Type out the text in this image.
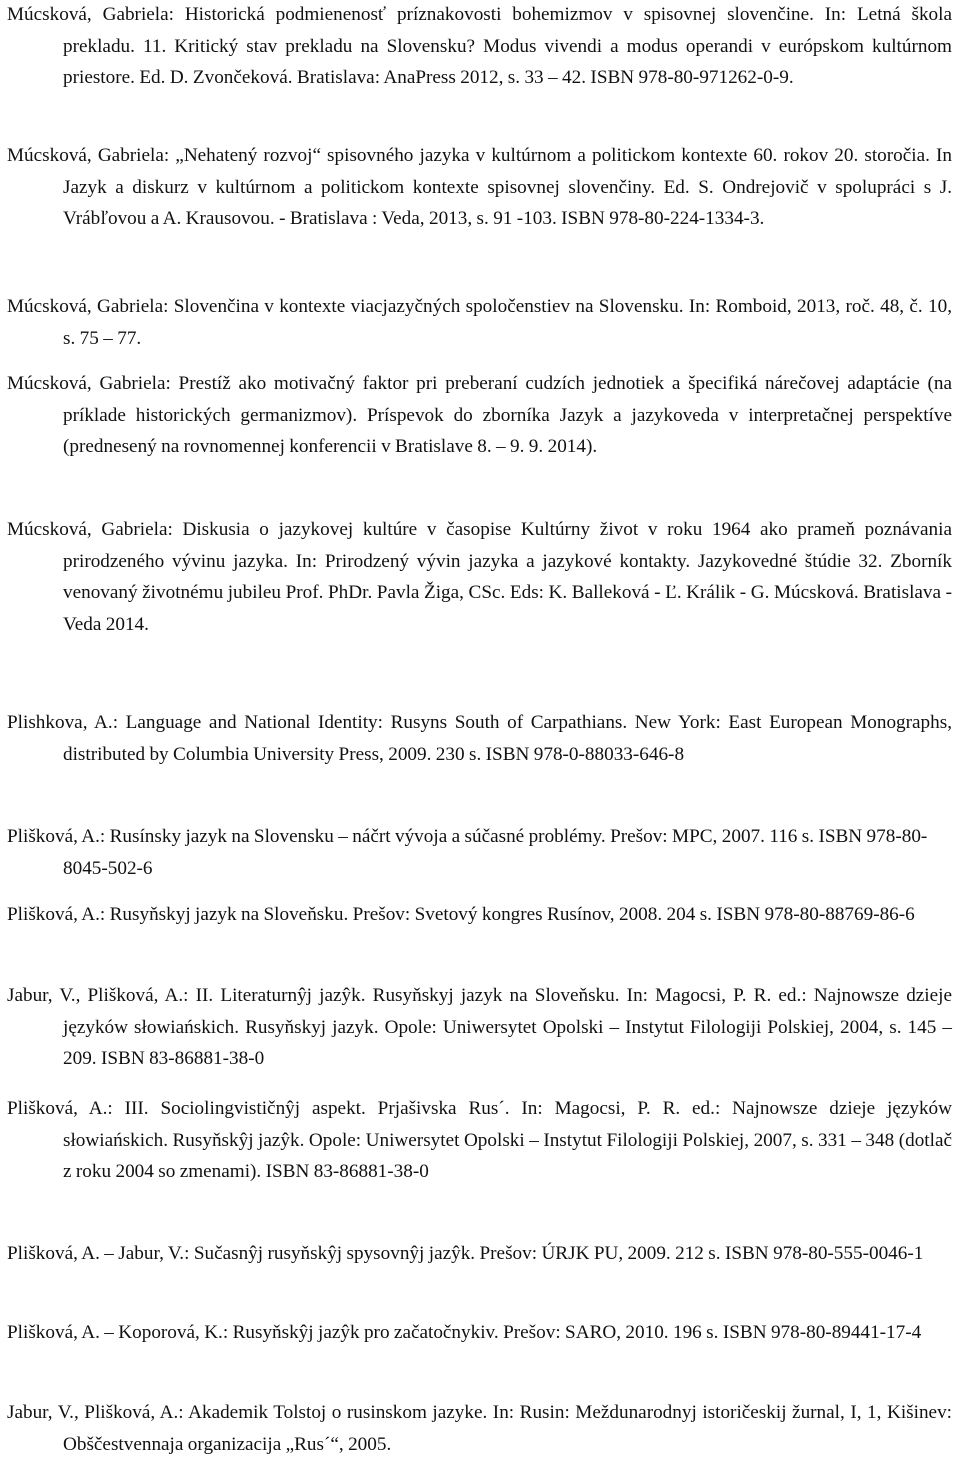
Múcsková, Gabriela: Historická podmienenosť príznakovosti bohemizmov v spisovnej slovenčine. In: Letná škola prekladu. 11. Kritický stav prekladu na Slovensku? Modus vivendi a modus operandi v európskom kultúrnom priestore. Ed. D. Zvončeková. Bratislava: AnaPress 2012, s. 33 – 42. ISBN 978-80-971262-0-9.

Múcsková, Gabriela: „Nehatený rozvoj“ spisovného jazyka v kultúrnom a politickom kontexte 60. rokov 20. storočia. In Jazyk a diskurz v kultúrnom a politickom kontexte spisovnej slovenčiny. Ed. S. Ondrejovič v spolupráci s J. Vrábľovou a A. Krausovou. - Bratislava : Veda, 2013, s. 91 -103. ISBN 978-80-224-1334-3.

Múcsková, Gabriela: Slovenčina v kontexte viacjazyčných spoločenstiev na Slovensku. In: Romboid, 2013, roč. 48, č. 10, s. 75 – 77.

Múcsková, Gabriela: Prestíž ako motivačný faktor pri preberaní cudzích jednotiek a špecifiká nárečovej adaptácie (na príklade historických germanizmov). Príspevok do zborníka Jazyk a jazykoveda v interpretačnej perspektíve (prednesený na rovnomennej konferencii v Bratislave 8. – 9. 9. 2014).

Múcsková, Gabriela: Diskusia o jazykovej kultúre v časopise Kultúrny život v roku 1964 ako prameň poznávania prirodzeného vývinu jazyka. In: Prirodzený vývin jazyka a jazykové kontakty. Jazykovedné štúdie 32. Zborník venovaný životnému jubileu Prof. PhDr. Pavla Žiga, CSc. Eds: K. Balleková - Ľ. Králik - G. Múcsková. Bratislava - Veda 2014.

Plishkova, A.: Language and National Identity: Rusyns South of Carpathians. New York: East European Monographs, distributed by Columbia University Press, 2009. 230 s. ISBN 978-0-88033-646-8

Plišková, A.: Rusínsky jazyk na Slovensku – náčrt vývoja a súčasné problémy. Prešov: MPC, 2007. 116 s. ISBN 978-80-8045-502-6

Plišková, A.: Rusyňskyj jazyk na Sloveňsku. Prešov: Svetový kongres Rusínov, 2008. 204 s. ISBN 978-80-88769-86-6

Jabur, V., Plišková, A.: II. Literaturnŷj jazŷk. Rusyňskyj jazyk na Sloveňsku. In: Magocsi, P. R. ed.: Najnowsze dzieje języków słowiańskich. Rusyňskyj jazyk. Opole: Uniwersytet Opolski – Instytut Filologiji Polskiej, 2004, s. 145 – 209. ISBN 83-86881-38-0

Plišková, A.: III. Sociolingvističnŷj aspekt. Prjašivska Rus´. In: Magocsi, P. R. ed.: Najnowsze dzieje języków słowiańskich. Rusyňskŷj jazŷk. Opole: Uniwersytet Opolski – Instytut Filologiji Polskiej, 2007, s. 331 – 348 (dotlač z roku 2004 so zmenami). ISBN 83-86881-38-0

Plišková, A. – Jabur, V.: Sučasnŷj rusyňskŷj spysovnŷj jazŷk. Prešov: ÚRJK PU, 2009. 212 s. ISBN 978-80-555-0046-1

Plišková, A. – Koporová, K.: Rusyňskŷj jazŷk pro začatočnykiv. Prešov: SARO, 2010. 196 s. ISBN 978-80-89441-17-4

Jabur, V., Plišková, A.: Akademik Tolstoj o rusinskom jazyke. In: Rusin: Meždunarodnyj istoričeskij žurnal, I, 1, Kišinev: Obščestvennaja organizacija „Rus´“, 2005.
